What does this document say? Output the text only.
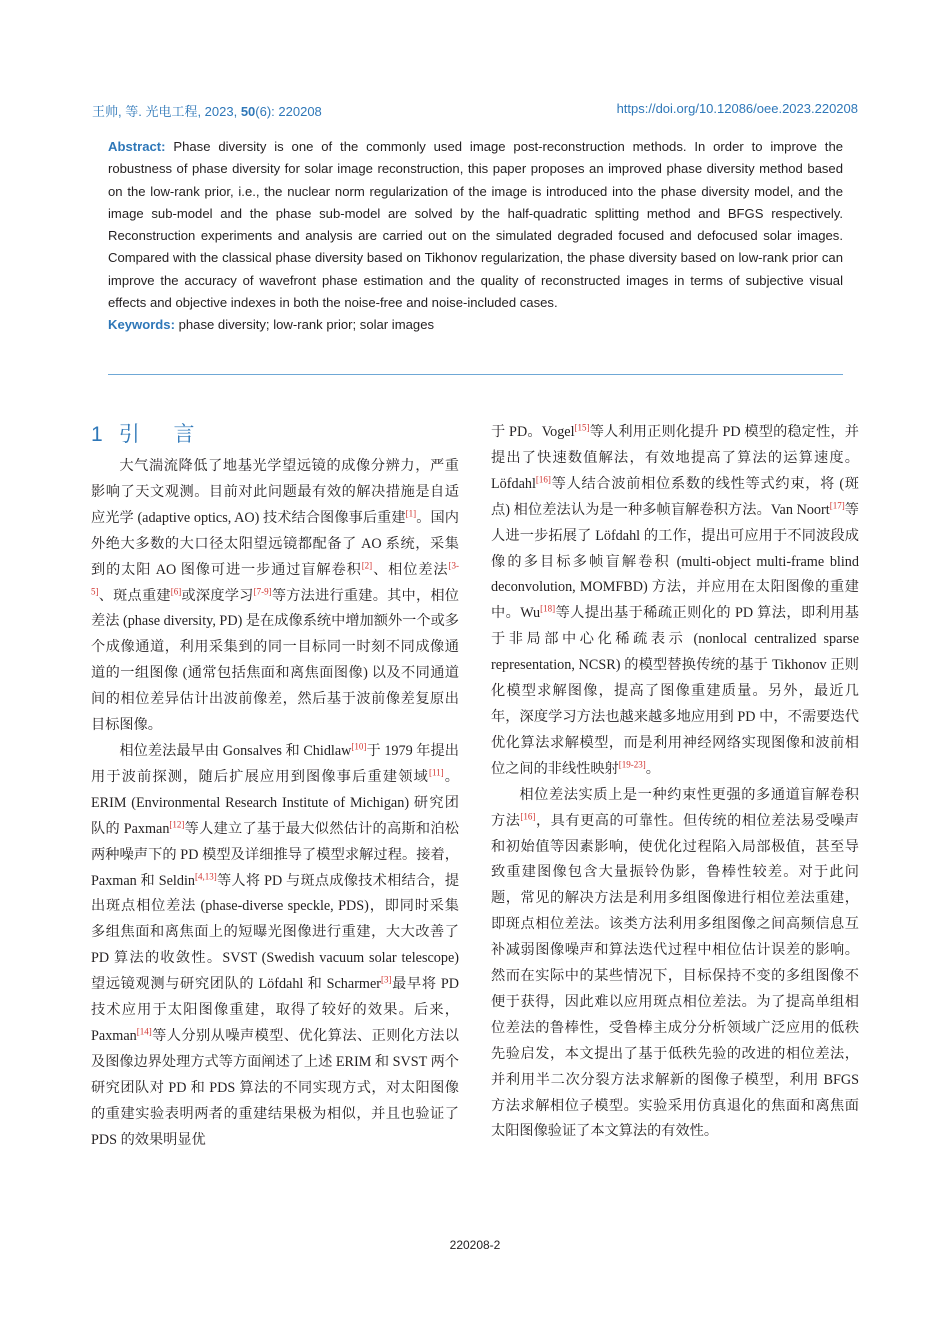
王帅, 等. 光电工程, 2023, 50(6): 220208	https://doi.org/10.12086/oee.2023.220208
Abstract: Phase diversity is one of the commonly used image post-reconstruction methods. In order to improve the robustness of phase diversity for solar image reconstruction, this paper proposes an improved phase diversity method based on the low-rank prior, i.e., the nuclear norm regularization of the image is introduced into the phase diversity model, and the image sub-model and the phase sub-model are solved by the half-quadratic splitting method and BFGS respectively. Reconstruction experiments and analysis are carried out on the simulated degraded focused and defocused solar images. Compared with the classical phase diversity based on Tikhonov regularization, the phase diversity based on low-rank prior can improve the accuracy of wavefront phase estimation and the quality of reconstructed images in terms of subjective visual effects and objective indexes in both the noise-free and noise-included cases.
Keywords: phase diversity; low-rank prior; solar images
1 引 言

大气湍流降低了地基光学望远镜的成像分辨力，严重影响了天文观测。目前对此问题最有效的解决措施是自适应光学 (adaptive optics, AO) 技术结合图像事后重建[1]。国内外绝大多数的大口径太阳望远镜都配备了 AO 系统，采集到的太阳 AO 图像可进一步通过盲解卷积[2]、相位差法[3-5]、斑点重建[6]或深度学习[7-9]等方法进行重建。其中，相位差法 (phase diversity, PD) 是在成像系统中增加额外一个或多个成像通道，利用采集到的同一目标同一时刻不同成像通道的一组图像 (通常包括焦面和离焦面图像) 以及不同通道间的相位差异估计出波前像差，然后基于波前像差复原出目标图像。

相位差法最早由 Gonsalves 和 Chidlaw[10]于 1979 年提出用于波前探测，随后扩展应用到图像事后重建领域[11]。ERIM (Environmental Research Institute of Michigan) 研究团队的 Paxman[12]等人建立了基于最大似然估计的高斯和泊松两种噪声下的 PD 模型及详细推导了模型求解过程。接着，Paxman 和 Seldin[4,13]等人将 PD 与斑点成像技术相结合，提出斑点相位差法 (phase-diverse speckle, PDS)，即同时采集多组焦面和离焦面上的短曝光图像进行重建，大大改善了 PD 算法的收敛性。SVST (Swedish vacuum solar telescope) 望远镜观测与研究团队的 Löfdahl 和 Scharmer[3]最早将 PD 技术应用于太阳图像重建，取得了较好的效果。后来，Paxman[14]等人分别从噪声模型、优化算法、正则化方法以及图像边界处理方式等方面阐述了上述 ERIM 和 SVST 两个研究团队对 PD 和 PDS 算法的不同实现方式，对太阳图像的重建实验表明两者的重建结果极为相似，并且也验证了 PDS 的效果明显优

于 PD。Vogel[15]等人利用正则化提升 PD 模型的稳定性，并提出了快速数值解法，有效地提高了算法的运算速度。Löfdahl[16]等人结合波前相位系数的线性等式约束，将 (斑点) 相位差法认为是一种多帧盲解卷积方法。Van Noort[17]等人进一步拓展了 Löfdahl 的工作，提出可应用于不同波段成像的多目标多帧盲解卷积 (multi-object multi-frame blind deconvolution, MOMFBD) 方法，并应用在太阳图像的重建中。Wu[18]等人提出基于稀疏正则化的 PD 算法，即利用基于非局部中心化稀疏表示 (nonlocal centralized sparse representation, NCSR) 的模型替换传统的基于 Tikhonov 正则化模型求解图像，提高了图像重建质量。另外，最近几年，深度学习方法也越来越多地应用到 PD 中，不需要迭代优化算法求解模型，而是利用神经网络实现图像和波前相位之间的非线性映射[19-23]。

相位差法实质上是一种约束性更强的多通道盲解卷积方法[16]，具有更高的可靠性。但传统的相位差法易受噪声和初始值等因素影响，使优化过程陷入局部极值，甚至导致重建图像包含大量振铃伪影，鲁棒性较差。对于此问题，常见的解决方法是利用多组图像进行相位差法重建，即斑点相位差法。该类方法利用多组图像之间高频信息互补减弱图像噪声和算法迭代过程中相位估计误差的影响。然而在实际中的某些情况下，目标保持不变的多组图像不便于获得，因此难以应用斑点相位差法。为了提高单组相位差法的鲁棒性，受鲁棒主成分分析领域广泛应用的低秩先验启发，本文提出了基于低秩先验的改进的相位差法，并利用半二次分裂方法求解新的图像子模型，利用 BFGS 方法求解相位子模型。实验采用仿真退化的焦面和离焦面太阳图像验证了本文算法的有效性。

220208-2
